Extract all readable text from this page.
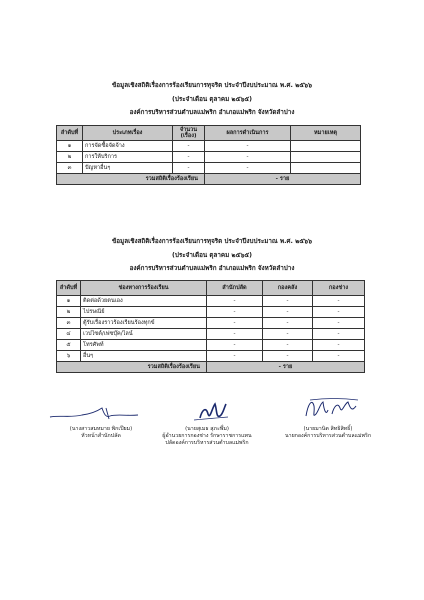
ข้อมูลเชิงสถิติเรื่องการร้องเรียนการทุจริต ประจำปีงบประมาณ พ.ศ. ๒๕๖๖
(ประจำเดือน ตุลาคม ๒๕๖๕)
องค์การบริหารส่วนตำบลแม่พริก อำเภอแม่พริก จังหวัดลำปาง
ลำดับที่	ประเภทเรื่อง	จำนวน (เรื่อง)	ผลการดำเนินการ	หมายเหตุ
๑	การจัดซื้อจัดจ้าง	-	-	
๒	การให้บริการ	-	-	
๓	ปัญหาอื่นๆ	-	-	
รวมสถิติเรื่องร้องเรียน			- ราย	
ข้อมูลเชิงสถิติเรื่องการร้องเรียนการทุจริต ประจำปีงบประมาณ พ.ศ. ๒๕๖๖
(ประจำเดือน ตุลาคม ๒๕๖๕)
องค์การบริหารส่วนตำบลแม่พริก อำเภอแม่พริก จังหวัดลำปาง
ลำดับที่	ช่องทางการร้องเรียน	สำนักปลัด	กองคลัง	กองช่าง
๑	ติดต่อด้วยตนเอง	-	-	-
๒	ไปรษณีย์	-	-	-
๓	ตู้รับเรื่องราวร้องเรียนร้องทุกข์	-	-	-
๔	เวปไซต์/เฟซบุ๊ค/ไลน์	-	-	-
๕	โทรศัพท์	-	-	-
๖	อื่นๆ	-	-	-
รวมสถิติเรื่องร้องเรียน		- ราย		
(นางสาวสมหมาย พิกเปียม)
หัวหน้าสำนักปลัด
(นายสุเมธ สุภะพึ่ม)
ผู้อำนวยการกองช่าง รักษาราชการแทน
ปลัดองค์การบริหารส่วนตำบลแม่พริก
(นายมานิต สิทธิสิทธิ์)
นายกองค์การบริหารส่วนตำบลแม่พริก
